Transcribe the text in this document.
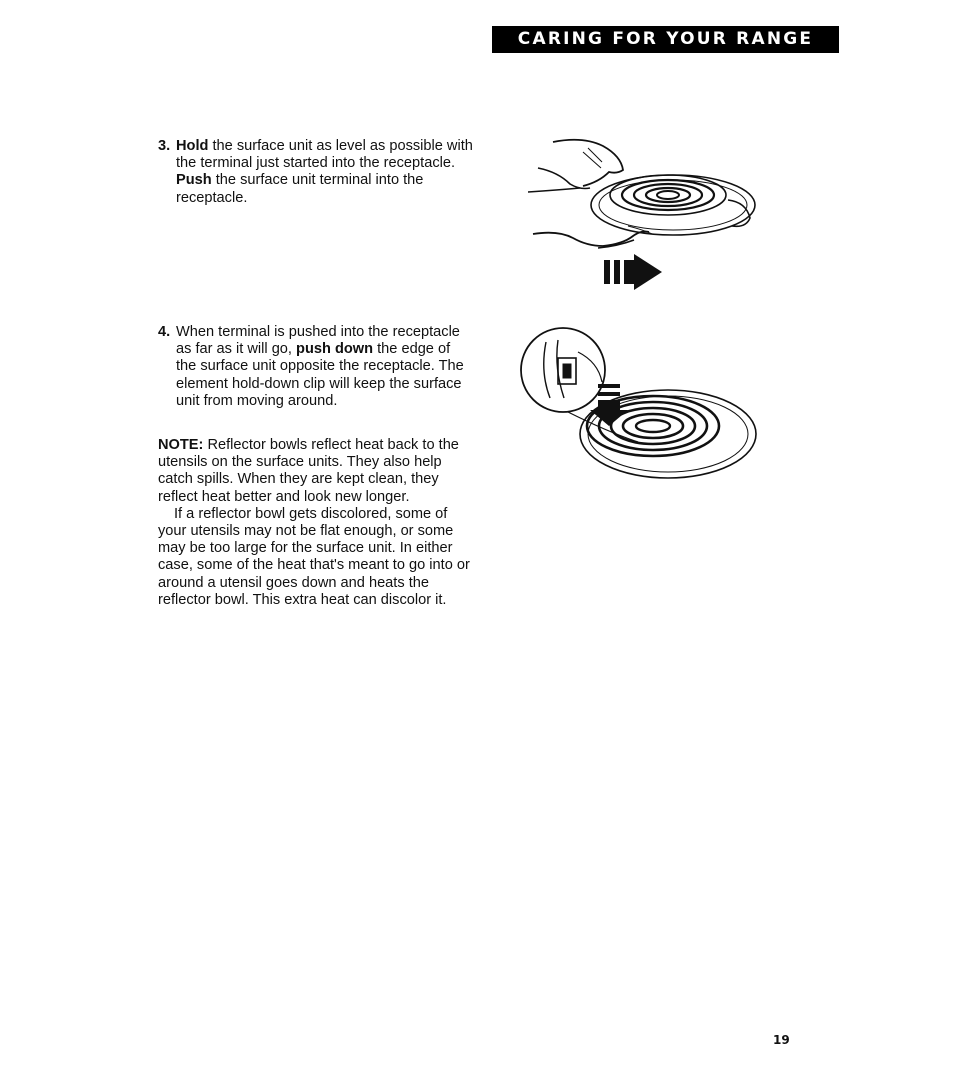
CARING FOR YOUR RANGE
3. Hold the surface unit as level as possible with the terminal just started into the receptacle. Push the surface unit terminal into the receptacle.
4. When terminal is pushed into the receptacle as far as it will go, push down the edge of the surface unit opposite the receptacle. The element hold-down clip will keep the surface unit from moving around.
NOTE: Reflector bowls reflect heat back to the utensils on the surface units. They also help catch spills. When they are kept clean, they reflect heat better and look new longer.
If a reflector bowl gets discolored, some of your utensils may not be flat enough, or some may be too large for the surface unit. In either case, some of the heat that's meant to go into or around a utensil goes down and heats the reflector bowl. This extra heat can discolor it.
19
